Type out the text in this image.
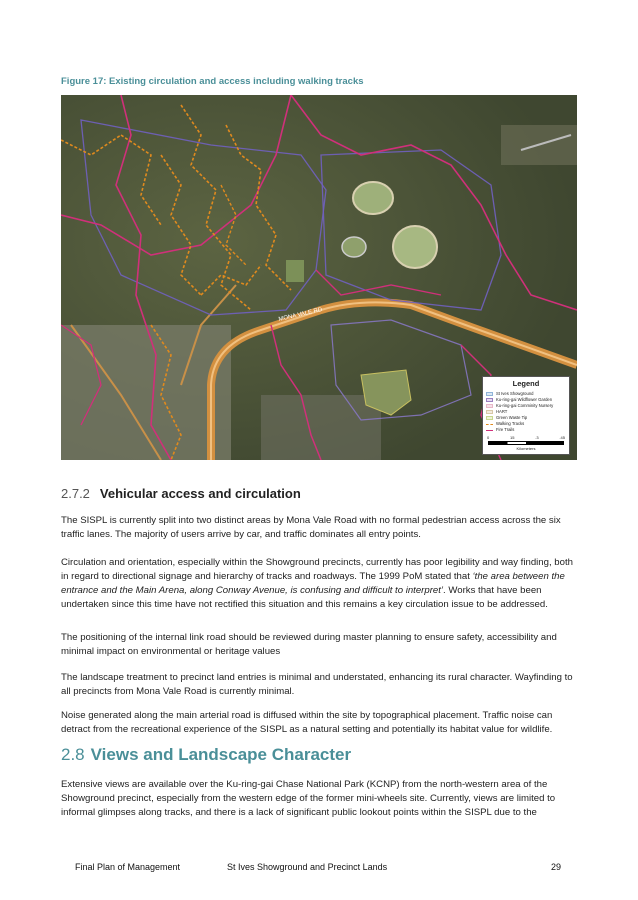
Figure 17: Existing circulation and access including walking tracks
MONA VALE RD
Legend
St Ives Showground
Ku-ring-gai Wildflower Garden
Ku-ring-gai Comminity Nursery
HART
Green Waste Tip
Walking Tracks
Fire Trails
0	15	.3	.45
Kilometers
2.7.2 Vehicular access and circulation

The SISPL is currently split into two distinct areas by Mona Vale Road with no formal pedestrian access across the six traffic lanes. The majority of users arrive by car, and traffic dominates all entry points.

Circulation and orientation, especially within the Showground precincts, currently has poor legibility and way finding, both in regard to directional signage and hierarchy of tracks and roadways. The 1999 PoM stated that ‘the area between the entrance and the Main Arena, along Conway Avenue, is confusing and difficult to interpret’. Works that have been undertaken since this time have not rectified this situation and this remains a key circulation issue to be addressed.

The positioning of the internal link road should be reviewed during master planning to ensure safety, accessibility and minimal impact on environmental or heritage values

The landscape treatment to precinct land entries is minimal and understated, enhancing its rural character. Wayfinding to all precincts from Mona Vale Road is currently minimal.

Noise generated along the main arterial road is diffused within the site by topographical placement. Traffic noise can detract from the recreational experience of the SISPL as a natural setting and potentially its habitat value for wildlife.

2.8 Views and Landscape Character

Extensive views are available over the Ku-ring-gai Chase National Park (KCNP) from the north-western area of the Showground precinct, especially from the western edge of the former mini-wheels site. Currently, views are limited to informal glimpses along tracks, and there is a lack of significant public lookout points within the SISPL due to the

Final Plan of Management	St Ives Showground and Precinct Lands	29
